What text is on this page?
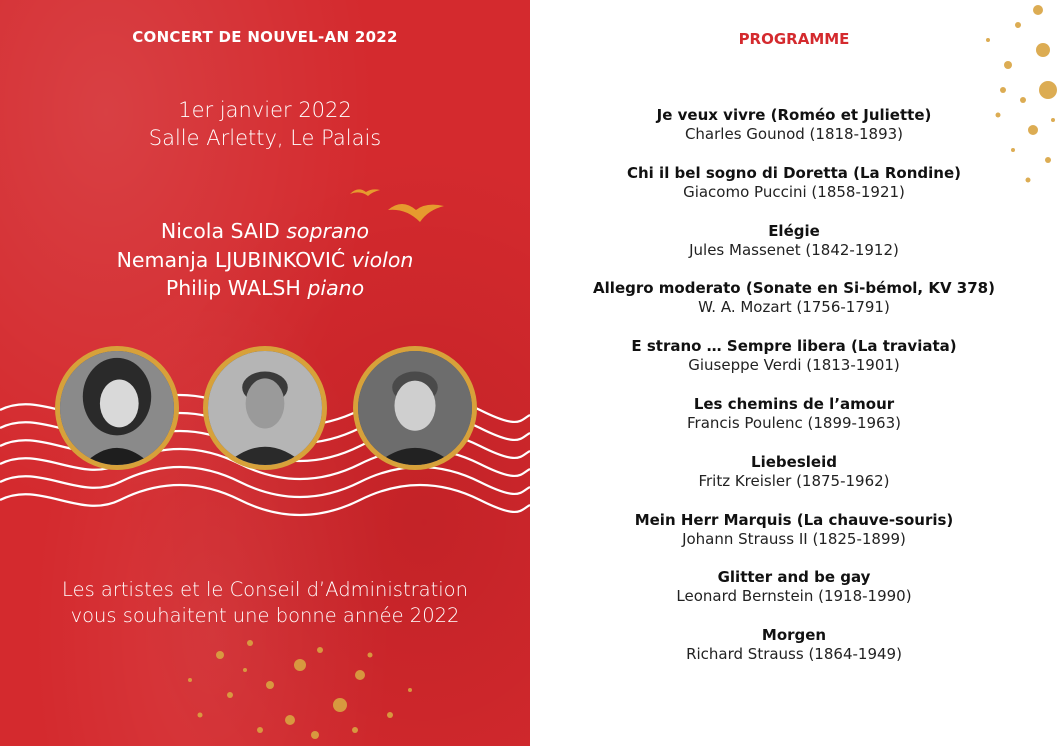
CONCERT DE NOUVEL-AN 2022
1er janvier 2022
Salle Arletty, Le Palais
Nicola SAID soprano
Nemanja LJUBINKOVIĆ violon
Philip WALSH piano
Les artistes et le Conseil d’Administration
vous souhaitent une bonne année 2022
PROGRAMME
Je veux vivre (Roméo et Juliette)
Charles Gounod (1818-1893)
Chi il bel sogno di Doretta (La Rondine)
Giacomo Puccini (1858-1921)
Elégie
Jules Massenet (1842-1912)
Allegro moderato (Sonate en Si-bémol, KV 378)
W. A. Mozart (1756-1791)
E strano … Sempre libera (La traviata)
Giuseppe Verdi (1813-1901)
Les chemins de l’amour
Francis Poulenc (1899-1963)
Liebesleid
Fritz Kreisler (1875-1962)
Mein Herr Marquis (La chauve-souris)
Johann Strauss II (1825-1899)
Glitter and be gay
Leonard Bernstein (1918-1990)
Morgen
Richard Strauss (1864-1949)
